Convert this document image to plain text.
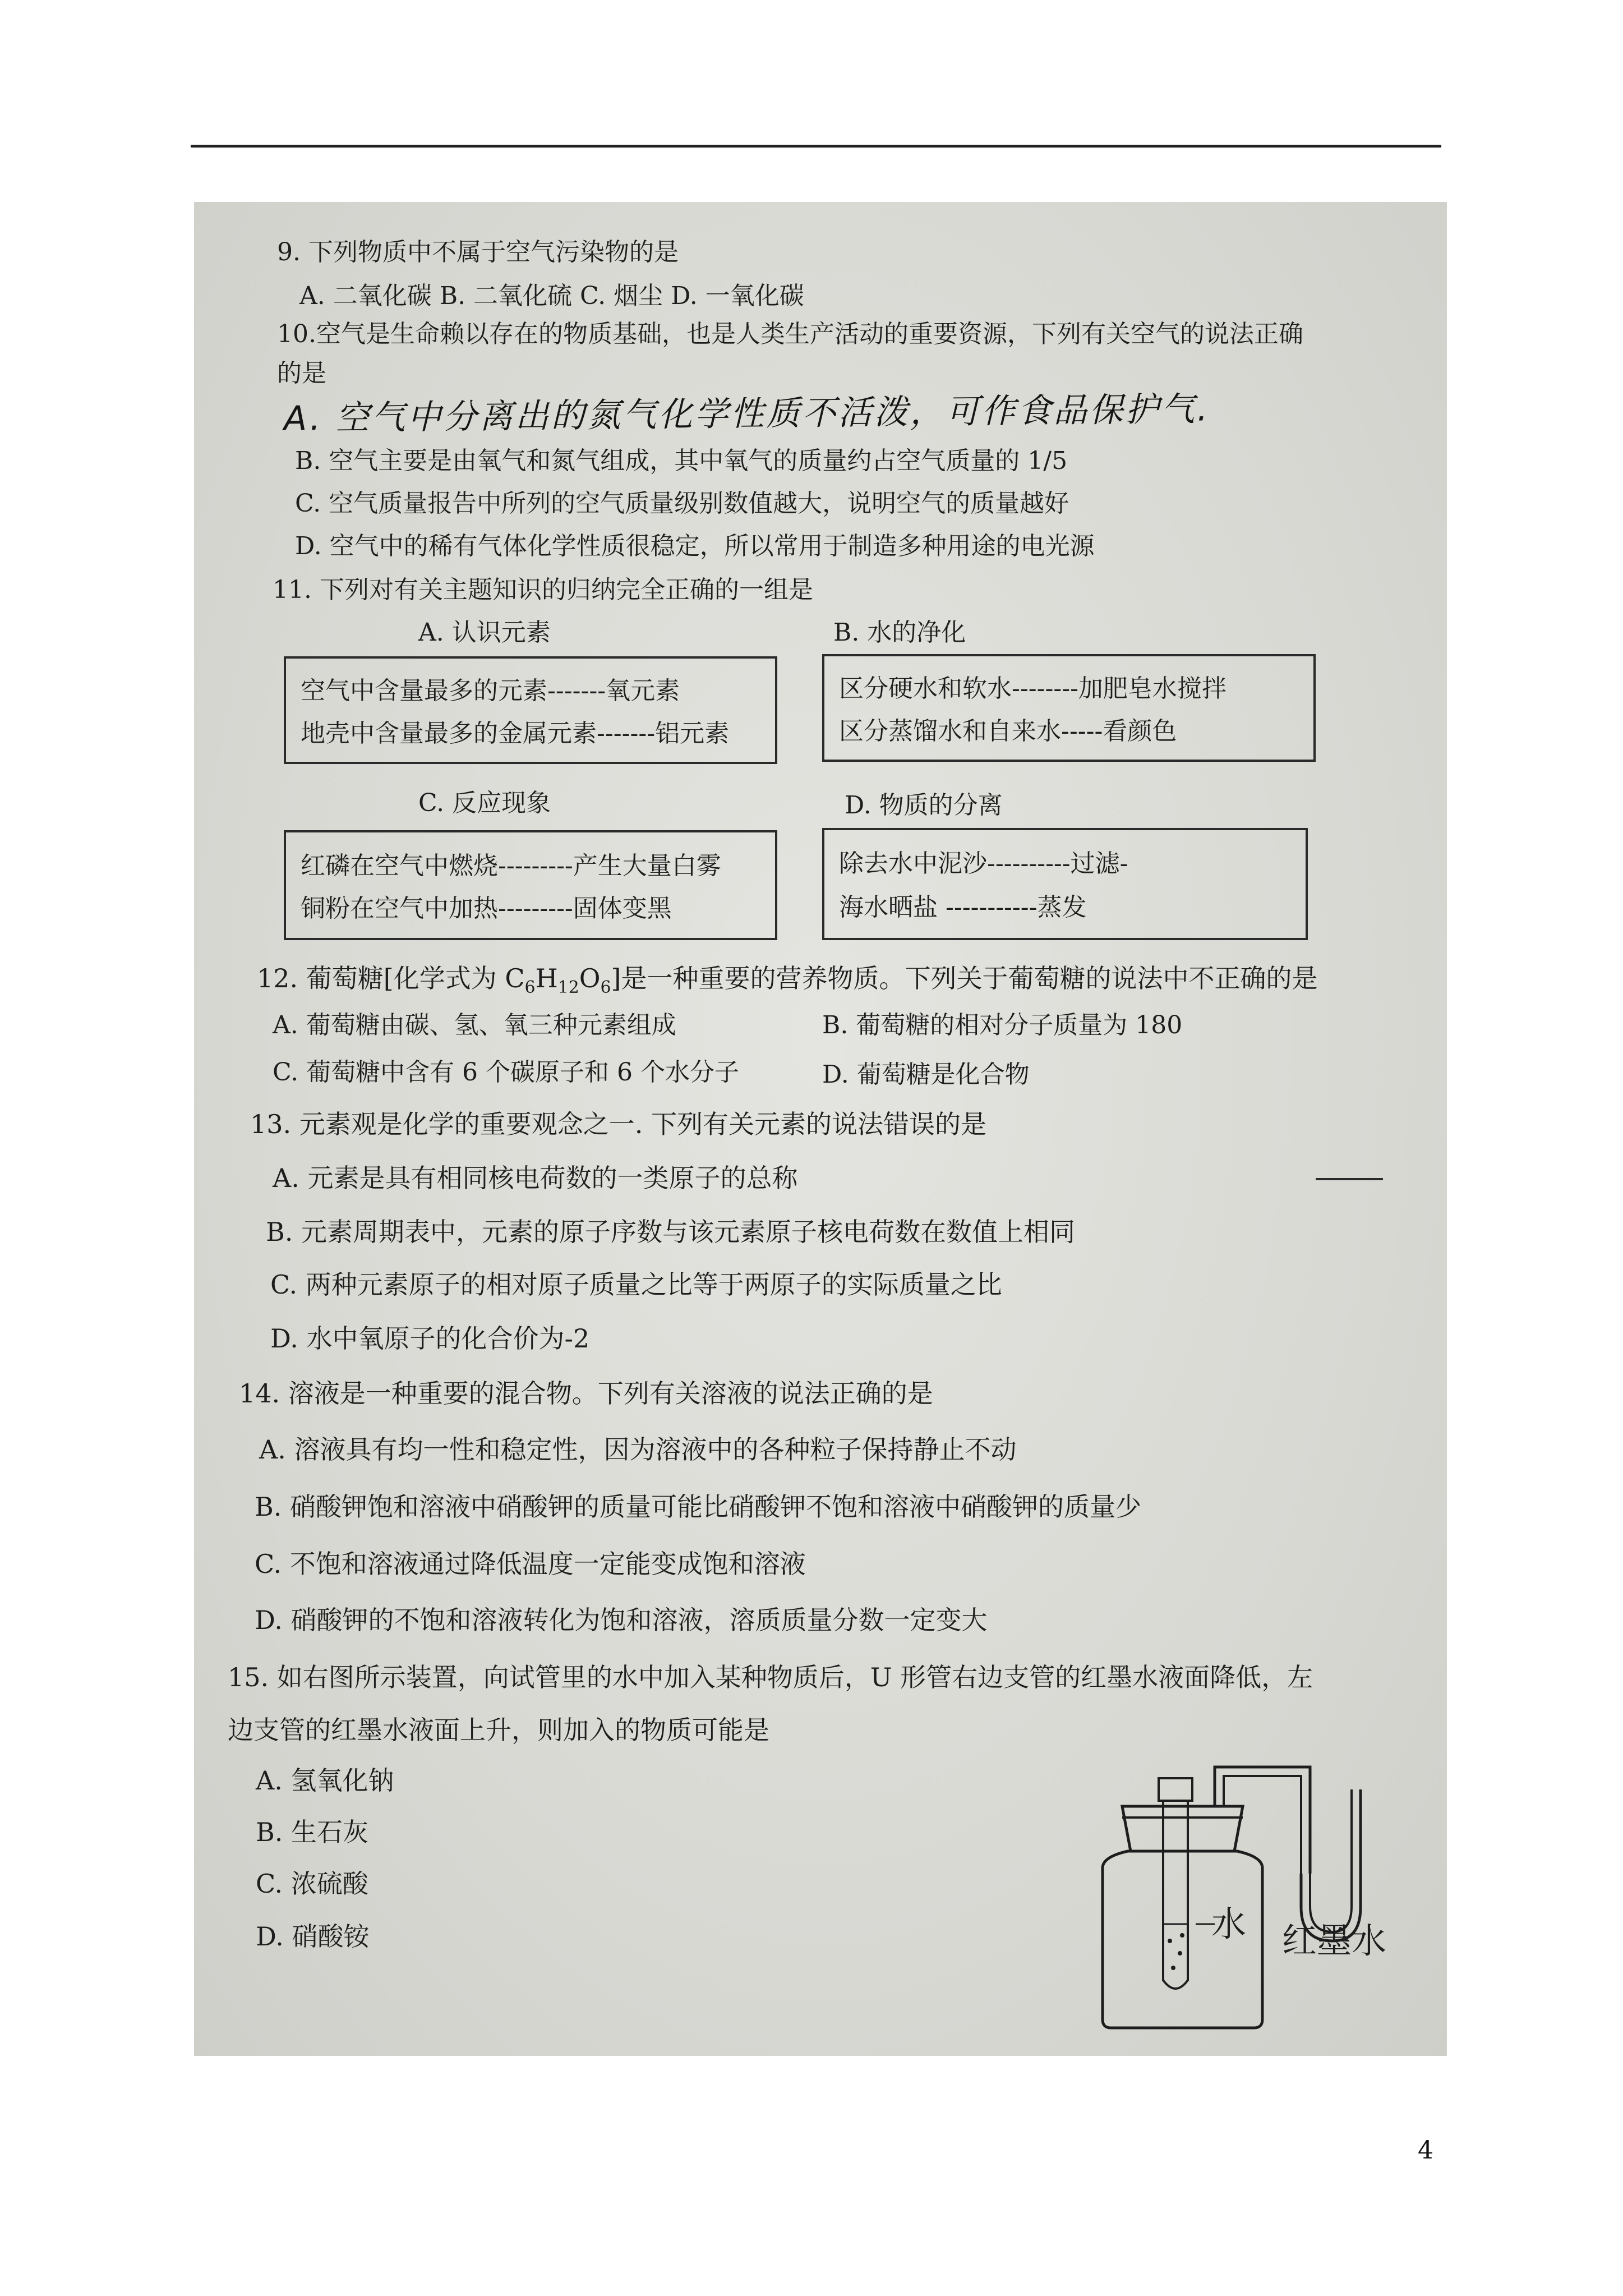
9. 下列物质中不属于空气污染物的是
A. 二氧化碳 B. 二氧化硫 C. 烟尘 D. 一氧化碳
10.空气是生命赖以存在的物质基础，也是人类生产活动的重要资源，下列有关空气的说法正确
的是
A. 空气中分离出的氮气化学性质不活泼，可作食品保护气.
B. 空气主要是由氧气和氮气组成，其中氧气的质量约占空气质量的 1/5
C. 空气质量报告中所列的空气质量级别数值越大，说明空气的质量越好
D. 空气中的稀有气体化学性质很稳定，所以常用于制造多种用途的电光源
11. 下列对有关主题知识的归纳完全正确的一组是
A. 认识元素	B. 水的净化
空气中含量最多的元素-------氧元素
地壳中含量最多的金属元素-------铝元素
区分硬水和软水--------加肥皂水搅拌
区分蒸馏水和自来水-----看颜色
C. 反应现象	D. 物质的分离
红磷在空气中燃烧---------产生大量白雾
铜粉在空气中加热---------固体变黑
除去水中泥沙----------过滤-
海水晒盐 -----------蒸发
12. 葡萄糖[化学式为 $C_6H_{12}O_6$]是一种重要的营养物质。下列关于葡萄糖的说法中不正确的是
A. 葡萄糖由碳、氢、氧三种元素组成	B. 葡萄糖的相对分子质量为 180
C. 葡萄糖中含有 6 个碳原子和 6 个水分子	D. 葡萄糖是化合物
13. 元素观是化学的重要观念之一. 下列有关元素的说法错误的是
A. 元素是具有相同核电荷数的一类原子的总称
B. 元素周期表中，元素的原子序数与该元素原子核电荷数在数值上相同
C. 两种元素原子的相对原子质量之比等于两原子的实际质量之比
D. 水中氧原子的化合价为-2
14. 溶液是一种重要的混合物。下列有关溶液的说法正确的是
A. 溶液具有均一性和稳定性，因为溶液中的各种粒子保持静止不动
B. 硝酸钾饱和溶液中硝酸钾的质量可能比硝酸钾不饱和溶液中硝酸钾的质量少
C. 不饱和溶液通过降低温度一定能变成饱和溶液
D. 硝酸钾的不饱和溶液转化为饱和溶液，溶质质量分数一定变大
15. 如右图所示装置，向试管里的水中加入某种物质后，U 形管右边支管的红墨水液面降低，左
边支管的红墨水液面上升，则加入的物质可能是
A. 氢氧化钠
B. 生石灰
C. 浓硫酸
D. 硝酸铵	水 红墨水
4
